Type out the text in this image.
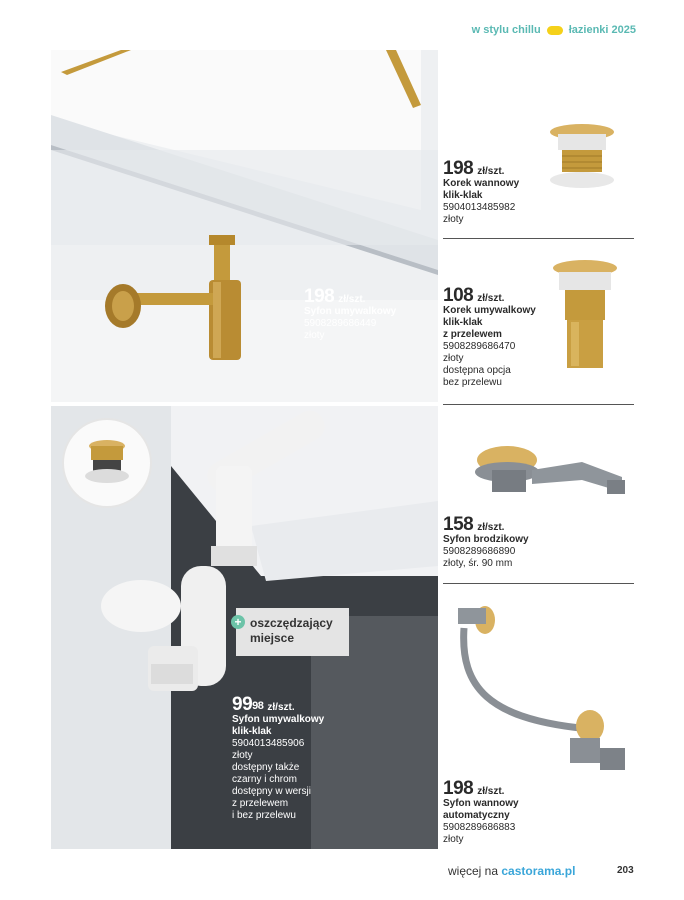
w stylu chillu	łazienki 2025
198 zł/szt.
Syfon umywalkowy
5908289686449
złoty
+ oszczędzający
miejsce
$99^{98}$ zł/szt.
Syfon umywalkowy
klik-klak
5904013485906
złoty
dostępny także
czarny i chrom
dostępny w wersji
z przelewem
i bez przelewu
198 zł/szt.
Korek wannowy
klik-klak
5904013485982
złoty
108 zł/szt.
Korek umywalkowy
klik-klak
z przelewem
5908289686470
złoty
dostępna opcja
bez przelewu
158 zł/szt.
Syfon brodzikowy
5908289686890
złoty, śr. 90 mm
198 zł/szt.
Syfon wannowy
automatyczny
5908289686883
złoty
więcej na castorama.pl	203
